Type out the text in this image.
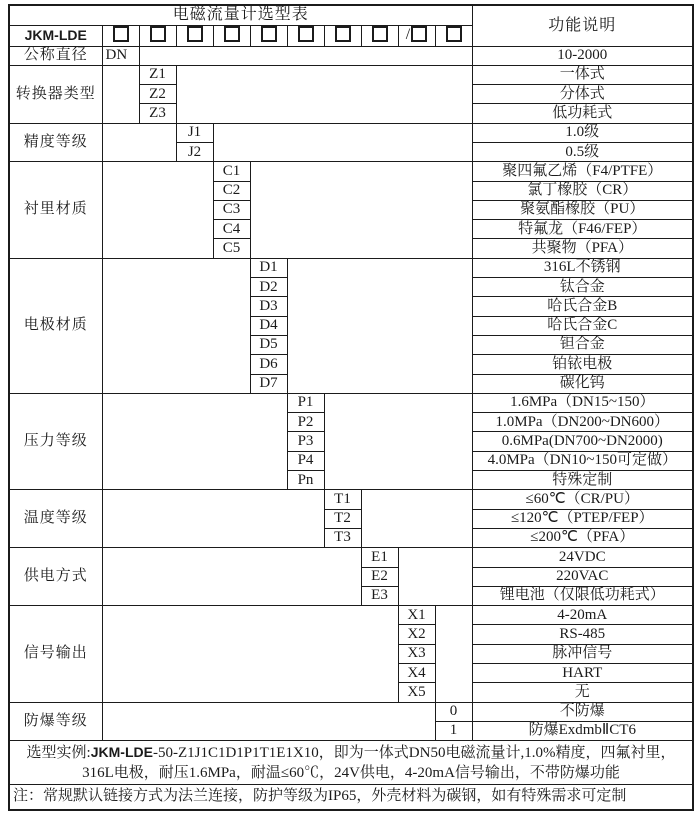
电磁流量计选型表											功能说明
JKM-LDE									/		
公称直径	DN										10-2000
转换器类型		Z1									一体式
		Z2									分体式
		Z3									低功耗式
精度等级			J1								1.0级
			J2								0.5级
衬里材质				C1							聚四氟乙烯（F4/PTFE）
				C2							氯丁橡胶（CR）
				C3							聚氨酯橡胶（PU）
				C4							特氟龙（F46/FEP）
				C5							共聚物（PFA）
电极材质					D1						316L不锈钢
					D2						钛合金
					D3						哈氏合金B
					D4						哈氏合金C
					D5						钽合金
					D6						铂铱电极
					D7						碳化钨
压力等级						P1					1.6MPa（DN15~150）
						P2					1.0MPa（DN200~DN600）
						P3					0.6MPa(DN700~DN2000)
						P4					4.0MPa（DN10~150可定做）
						Pn					特殊定制
温度等级							T1				≤60℃（CR/PU）
							T2				≤120℃（PTEP/FEP）
							T3				≤200℃（PFA）
供电方式								E1			24VDC
								E2			220VAC
								E3			锂电池（仅限低功耗式）
信号输出									X1		4-20mA
									X2		RS-485
									X3		脉冲信号
									X4		HART
									X5		无
防爆等级										0	不防爆
										1	防爆ExdmbⅡCT6
选型实例:JKM-LDE-50-Z1J1C1D1P1T1E1X10，即为一体式DN50电磁流量计,1.0%精度，四氟衬里，
316L电极，耐压1.6MPa，耐温≤60℃，24V供电，4-20mA信号输出，不带防爆功能											
注：常规默认链接方式为法兰连接，防护等级为IP65，外壳材料为碳钢，如有特殊需求可定制											
